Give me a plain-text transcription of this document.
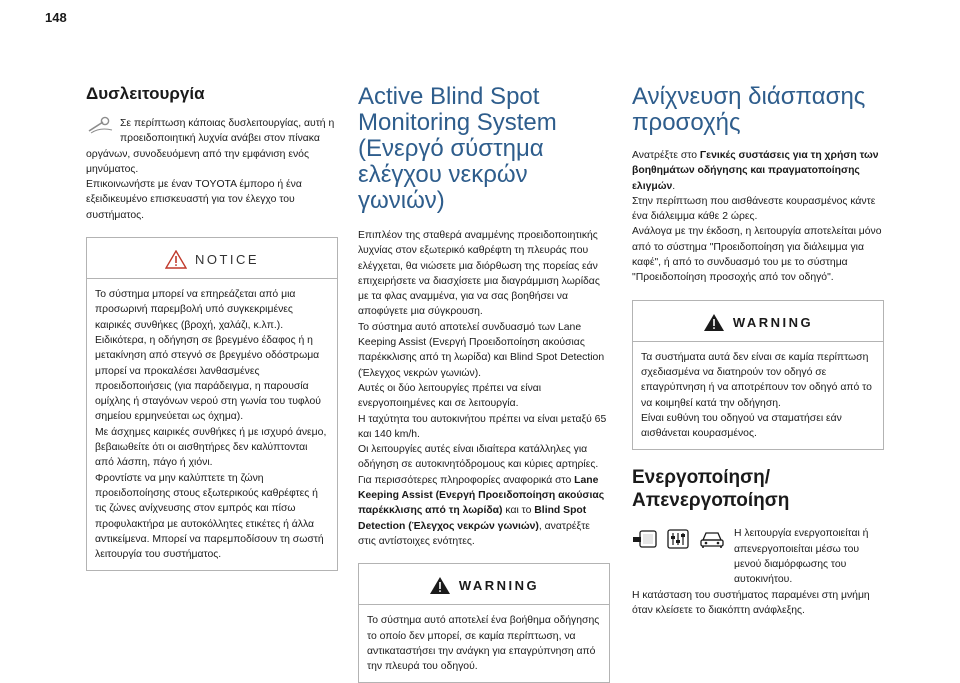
148
Δυσλειτουργία

Σε περίπτωση κάποιας δυσλειτουργίας, αυτή η προειδοποιητική λυχνία ανάβει στον πίνακα οργάνων, συνοδευόμενη από την εμφάνιση ενός μηνύματος.

Επικοινωνήστε με έναν TOYOTA έμπορο ή ένα εξειδικευμένο επισκευαστή για τον έλεγχο του συστήματος.

NOTICE

Το σύστημα μπορεί να επηρεάζεται από μια προσωρινή παρεμβολή υπό συγκεκριμένες καιρικές συνθήκες (βροχή, χαλάζι, κ.λπ.).

Ειδικότερα, η οδήγηση σε βρεγμένο έδαφος ή η μετακίνηση από στεγνό σε βρεγμένο οδόστρωμα μπορεί να προκαλέσει λανθασμένες προειδοποιήσεις (για παράδειγμα, η παρουσία ομίχλης ή σταγόνων νερού στη γωνία του τυφλού σημείου ερμηνεύεται ως όχημα).

Με άσχημες καιρικές συνθήκες ή με ισχυρό άνεμο, βεβαιωθείτε ότι οι αισθητήρες δεν καλύπτονται από λάσπη, πάγο ή χιόνι.

Φροντίστε να μην καλύπτετε τη ζώνη προειδοποίησης στους εξωτερικούς καθρέφτες ή τις ζώνες ανίχνευσης στον εμπρός και πίσω προφυλακτήρα με αυτοκόλλητες ετικέτες ή άλλα αντικείμενα. Μπορεί να παρεμποδίσουν τη σωστή λειτουργία του συστήματος.

Active Blind Spot Monitoring System (Ενεργό σύστημα ελέγχου νεκρών γωνιών)

Επιπλέον της σταθερά αναμμένης προειδοποιητικής λυχνίας στον εξωτερικό καθρέφτη τη πλευράς που ελέγχεται, θα νιώσετε μια διόρθωση της πορείας εάν επιχειρήσετε να διασχίσετε μια διαγράμμιση λωρίδας με τα φλας αναμμένα, για να σας βοηθήσει να αποφύγετε μια σύγκρουση.

Το σύστημα αυτό αποτελεί συνδυασμό των Lane Keeping Assist (Ενεργή Προειδοποίηση ακούσιας παρέκκλισης από τη λωρίδα) και Blind Spot Detection (Έλεγχος νεκρών γωνιών).

Αυτές οι δύο λειτουργίες πρέπει να είναι ενεργοποιημένες και σε λειτουργία.

Η ταχύτητα του αυτοκινήτου πρέπει να είναι μεταξύ 65 και 140 km/h.

Οι λειτουργίες αυτές είναι ιδιαίτερα κατάλληλες για οδήγηση σε αυτοκινητόδρομους και κύριες αρτηρίες.

Για περισσότερες πληροφορίες αναφορικά στο Lane Keeping Assist (Ενεργή Προειδοποίηση ακούσιας παρέκκλισης από τη λωρίδα) και το Blind Spot Detection (Έλεγχος νεκρών γωνιών), ανατρέξτε στις αντίστοιχες ενότητες.

WARNING

Το σύστημα αυτό αποτελεί ένα βοήθημα οδήγησης το οποίο δεν μπορεί, σε καμία περίπτωση, να αντικαταστήσει την ανάγκη για επαγρύπνηση από την πλευρά του οδηγού.

Ανίχνευση διάσπασης προσοχής

Ανατρέξτε στο Γενικές συστάσεις για τη χρήση των βοηθημάτων οδήγησης και πραγματοποίησης ελιγμών.

Στην περίπτωση που αισθάνεστε κουρασμένος κάντε ένα διάλειμμα κάθε 2 ώρες.

Ανάλογα με την έκδοση, η λειτουργία αποτελείται μόνο από το σύστημα "Προειδοποίηση για διάλειμμα για καφέ", ή από το συνδυασμό του με το σύστημα "Προειδοποίηση προσοχής από τον οδηγό".

WARNING

Τα συστήματα αυτά δεν είναι σε καμία περίπτωση σχεδιασμένα να διατηρούν τον οδηγό σε επαγρύπνηση ή να αποτρέπουν τον οδηγό από το να κοιμηθεί κατά την οδήγηση.

Είναι ευθύνη του οδηγού να σταματήσει εάν αισθάνεται κουρασμένος.

Ενεργοποίηση/ Απενεργοποίηση

Η λειτουργία ενεργοποιείται ή απενεργοποιείται μέσω του μενού διαμόρφωσης του αυτοκινήτου.

Η κατάσταση του συστήματος παραμένει στη μνήμη όταν κλείσετε το διακόπτη ανάφλεξης.
